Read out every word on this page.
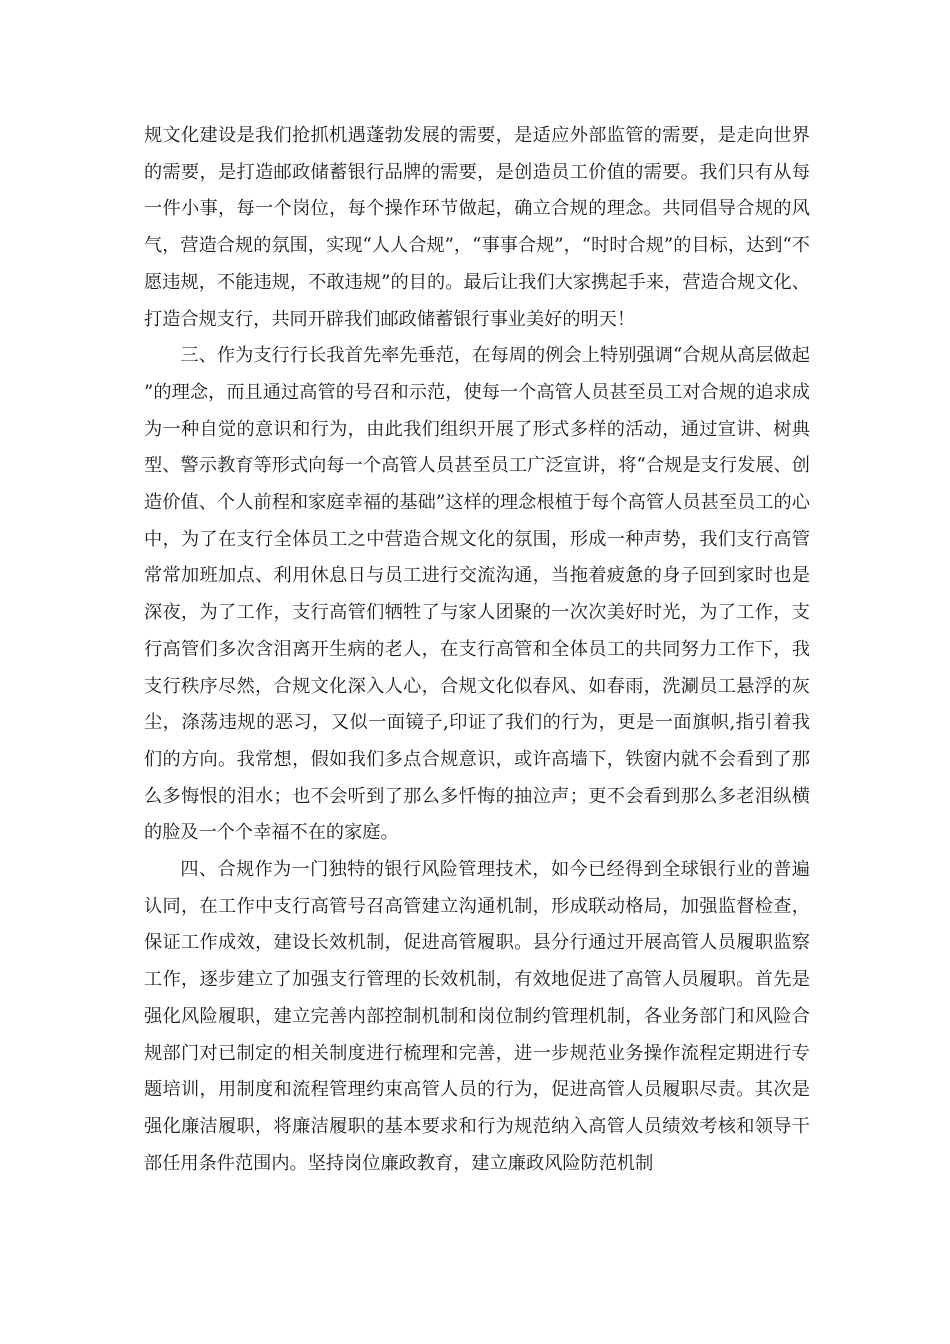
规文化建设是我们抢抓机遇蓬勃发展的需要，是适应外部监管的需要，是走向世界的需要，是打造邮政储蓄银行品牌的需要，是创造员工价值的需要。我们只有从每一件小事，每一个岗位，每个操作环节做起，确立合规的理念。共同倡导合规的风气，营造合规的氛围，实现“人人合规”，“事事合规”，“时时合规”的目标，达到“不愿违规，不能违规，不敢违规”的目的。最后让我们大家携起手来，营造合规文化、打造合规支行，共同开辟我们邮政储蓄银行事业美好的明天！

三、作为支行行长我首先率先垂范，在每周的例会上特别强调“合规从高层做起”的理念，而且通过高管的号召和示范，使每一个高管人员甚至员工对合规的追求成为一种自觉的意识和行为，由此我们组织开展了形式多样的活动，通过宣讲、树典型、警示教育等形式向每一个高管人员甚至员工广泛宣讲，将“合规是支行发展、创造价值、个人前程和家庭幸福的基础”这样的理念根植于每个高管人员甚至员工的心中，为了在支行全体员工之中营造合规文化的氛围，形成一种声势，我们支行高管常常加班加点、利用休息日与员工进行交流沟通，当拖着疲惫的身子回到家时也是深夜，为了工作，支行高管们牺牲了与家人团聚的一次次美好时光，为了工作，支行高管们多次含泪离开生病的老人，在支行高管和全体员工的共同努力工作下，我支行秩序尽然，合规文化深入人心，合规文化似春风、如春雨，洗涮员工悬浮的灰尘，涤荡违规的恶习，又似一面镜子,印证了我们的行为，更是一面旗帜,指引着我们的方向。我常想，假如我们多点合规意识，或许高墙下，铁窗内就不会看到了那么多悔恨的泪水；也不会听到了那么多忏悔的抽泣声；更不会看到那么多老泪纵横的脸及一个个幸福不在的家庭。

四、合规作为一门独特的银行风险管理技术，如今已经得到全球银行业的普遍认同，在工作中支行高管号召高管建立沟通机制，形成联动格局，加强监督检查，保证工作成效，建设长效机制，促进高管履职。县分行通过开展高管人员履职监察工作，逐步建立了加强支行管理的长效机制，有效地促进了高管人员履职。首先是强化风险履职，建立完善内部控制机制和岗位制约管理机制，各业务部门和风险合规部门对已制定的相关制度进行梳理和完善，进一步规范业务操作流程定期进行专题培训，用制度和流程管理约束高管人员的行为，促进高管人员履职尽责。其次是强化廉洁履职，将廉洁履职的基本要求和行为规范纳入高管人员绩效考核和领导干部任用条件范围内。坚持岗位廉政教育，建立廉政风险防范机制
